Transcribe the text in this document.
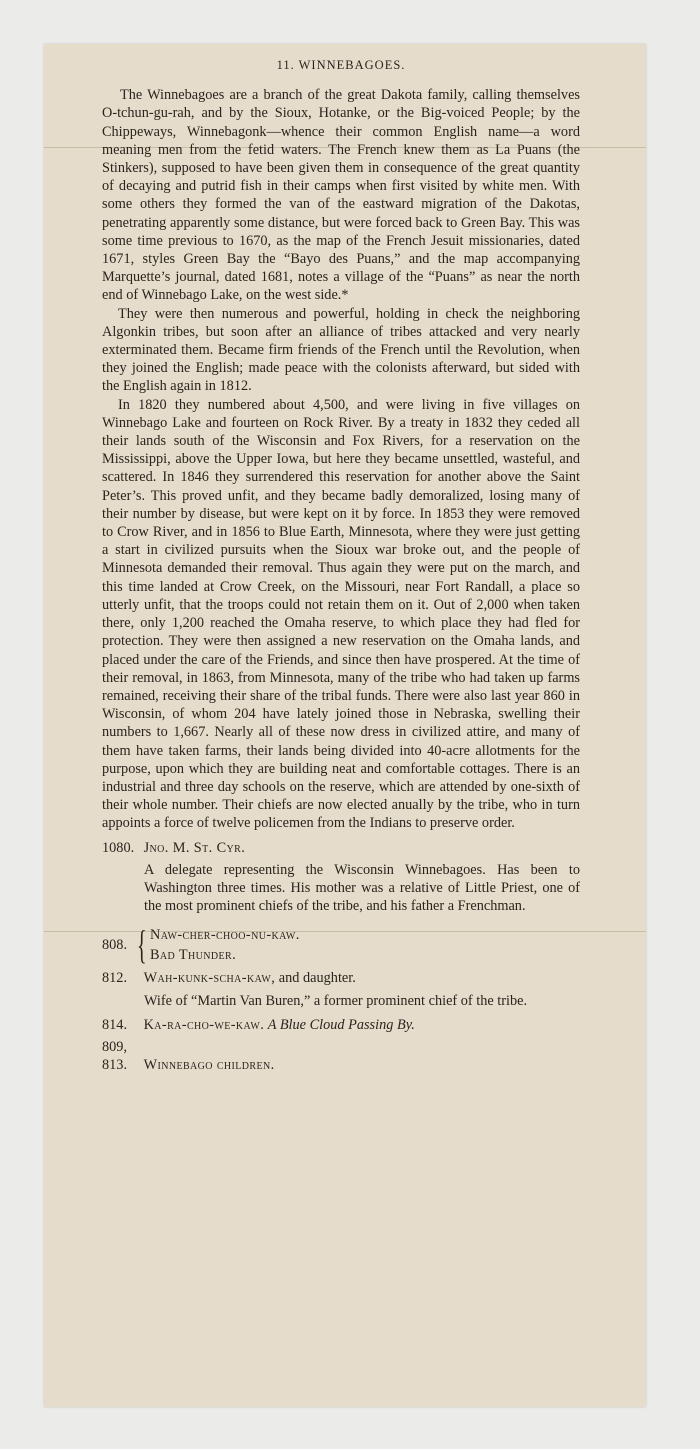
11. WINNEBAGOES.

The Winnebagoes are a branch of the great Dakota family, calling themselves O-tchun-gu-rah, and by the Sioux, Hotanke, or the Big-voiced People; by the Chippeways, Winnebagonk—whence their common English name—a word meaning men from the fetid waters. The French knew them as La Puans (the Stinkers), supposed to have been given them in consequence of the great quantity of decaying and putrid fish in their camps when first visited by white men. With some others they formed the van of the eastward migration of the Dakotas, penetrating apparently some distance, but were forced back to Green Bay. This was some time previous to 1670, as the map of the French Jesuit missionaries, dated 1671, styles Green Bay the “Bayo des Puans,” and the map accompanying Marquette’s journal, dated 1681, notes a village of the “Puans” as near the north end of Winnebago Lake, on the west side.*

They were then numerous and powerful, holding in check the neighboring Algonkin tribes, but soon after an alliance of tribes attacked and very nearly exterminated them. Became firm friends of the French until the Revolution, when they joined the English; made peace with the colonists afterward, but sided with the English again in 1812.

In 1820 they numbered about 4,500, and were living in five villages on Winnebago Lake and fourteen on Rock River. By a treaty in 1832 they ceded all their lands south of the Wisconsin and Fox Rivers, for a reservation on the Mississippi, above the Upper Iowa, but here they became unsettled, wasteful, and scattered. In 1846 they surrendered this reservation for another above the Saint Peter’s. This proved unfit, and they became badly demoralized, losing many of their number by disease, but were kept on it by force. In 1853 they were removed to Crow River, and in 1856 to Blue Earth, Minnesota, where they were just getting a start in civilized pursuits when the Sioux war broke out, and the people of Minnesota demanded their removal. Thus again they were put on the march, and this time landed at Crow Creek, on the Missouri, near Fort Randall, a place so utterly unfit, that the troops could not retain them on it. Out of 2,000 when taken there, only 1,200 reached the Omaha reserve, to which place they had fled for protection. They were then assigned a new reservation on the Omaha lands, and placed under the care of the Friends, and since then have prospered. At the time of their removal, in 1863, from Minnesota, many of the tribe who had taken up farms remained, receiving their share of the tribal funds. There were also last year 860 in Wisconsin, of whom 204 have lately joined those in Nebraska, swelling their numbers to 1,667. Nearly all of these now dress in civilized attire, and many of them have taken farms, their lands being divided into 40-acre allotments for the purpose, upon which they are building neat and comfortable cottages. There is an industrial and three day schools on the reserve, which are attended by one-sixth of their whole number. Their chiefs are now elected anually by the tribe, who in turn appoints a force of twelve policemen from the Indians to preserve order.

1080. Jno. M. St. Cyr.

A delegate representing the Wisconsin Winnebagoes. Has been to Washington three times. His mother was a relative of Little Priest, one of the most prominent chiefs of the tribe, and his father a Frenchman.

808. { Naw-cher-choo-nu-kaw.
Bad Thunder.
812. Wah-kunk-scha-kaw, and daughter.

Wife of “Martin Van Buren,” a former prominent chief of the tribe.

814. Ka-ra-cho-we-kaw. A Blue Cloud Passing By.
809, 813. Winnebago children.
